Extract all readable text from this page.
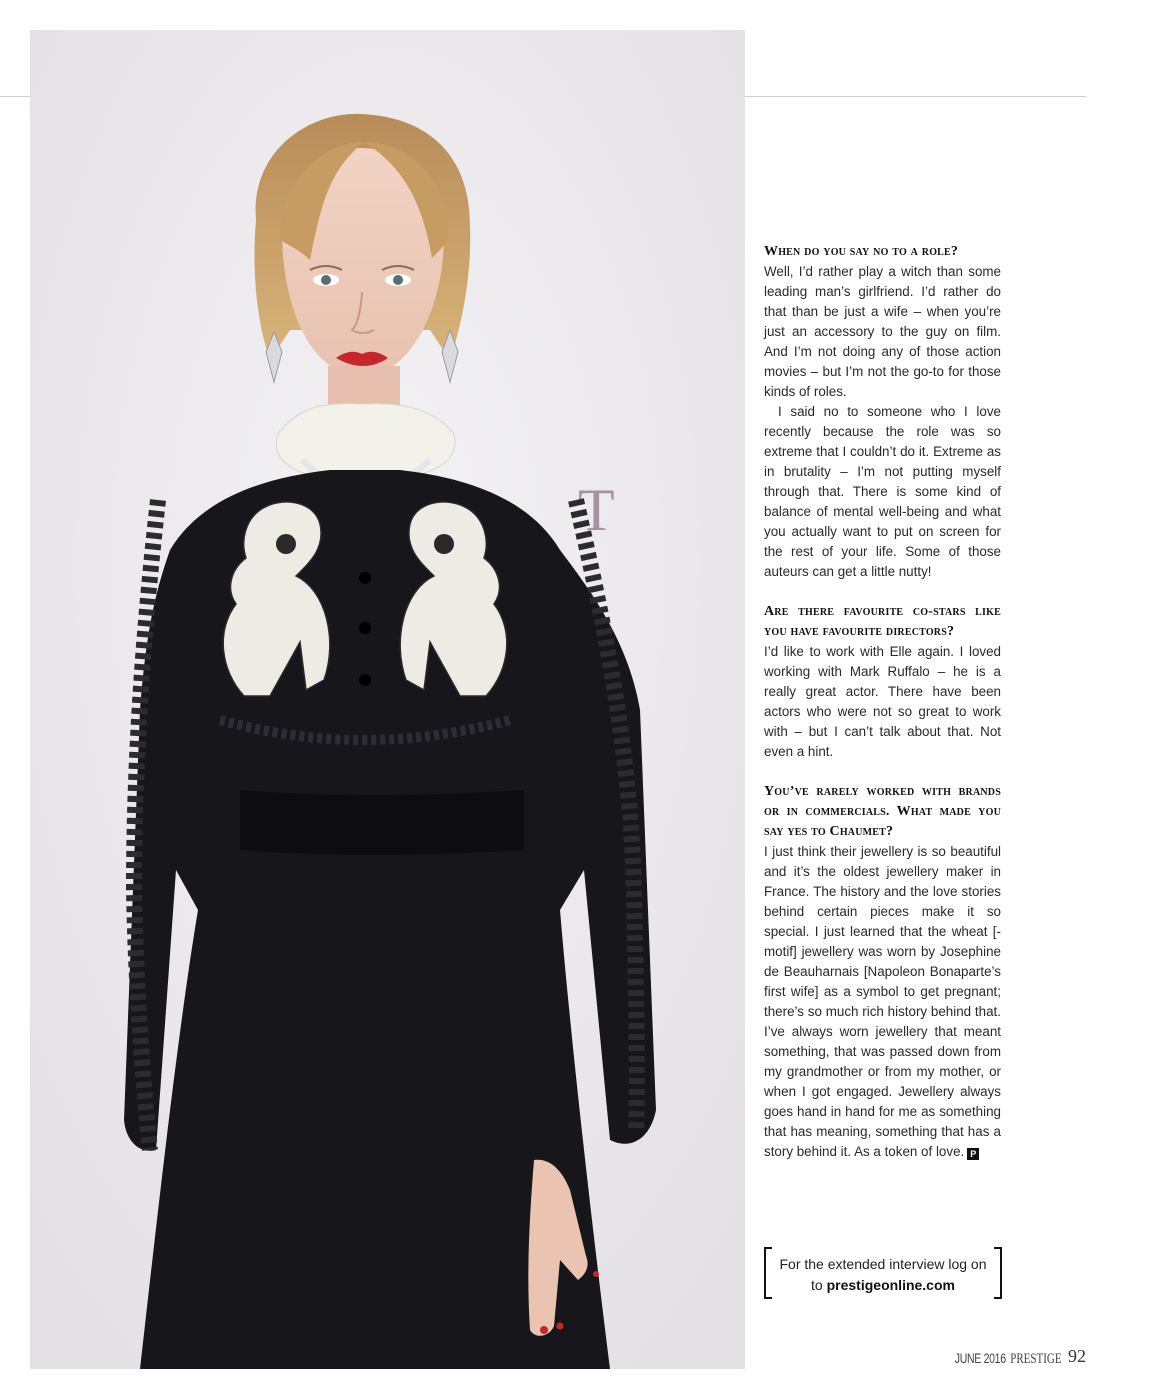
T

When do you say no to a role?

Well, I’d rather play a witch than some leading man’s girlfriend. I’d rather do that than be just a wife – when you’re just an accessory to the guy on film. And I’m not doing any of those action movies – but I’m not the go-to for those kinds of roles.

I said no to someone who I love recently because the role was so extreme that I couldn’t do it. Extreme as in brutality – I’m not putting myself through that. There is some kind of balance of mental well-being and what you actually want to put on screen for the rest of your life. Some of those auteurs can get a little nutty!

Are there favourite co-stars like you have favourite directors?

I’d like to work with Elle again. I loved working with Mark Ruffalo – he is a really great actor. There have been actors who were not so great to work with – but I can’t talk about that. Not even a hint.

You’ve rarely worked with brands or in commercials. What made you say yes to Chaumet?

I just think their jewellery is so beautiful and it’s the oldest jewellery maker in France. The history and the love stories behind certain pieces make it so special. I just learned that the wheat [-motif] jewellery was worn by Josephine de Beauharnais [Napoleon Bonaparte’s first wife] as a symbol to get pregnant; there’s so much rich history behind that. I’ve always worn jewellery that meant something, that was passed down from my grandmother or from my mother, or when I got engaged. Jewellery always goes hand in hand for me as something that has meaning, something that has a story behind it. As a token of love. P

For the extended interview log on to prestigeonline.com
JUNE 2016 PRESTIGE 92
